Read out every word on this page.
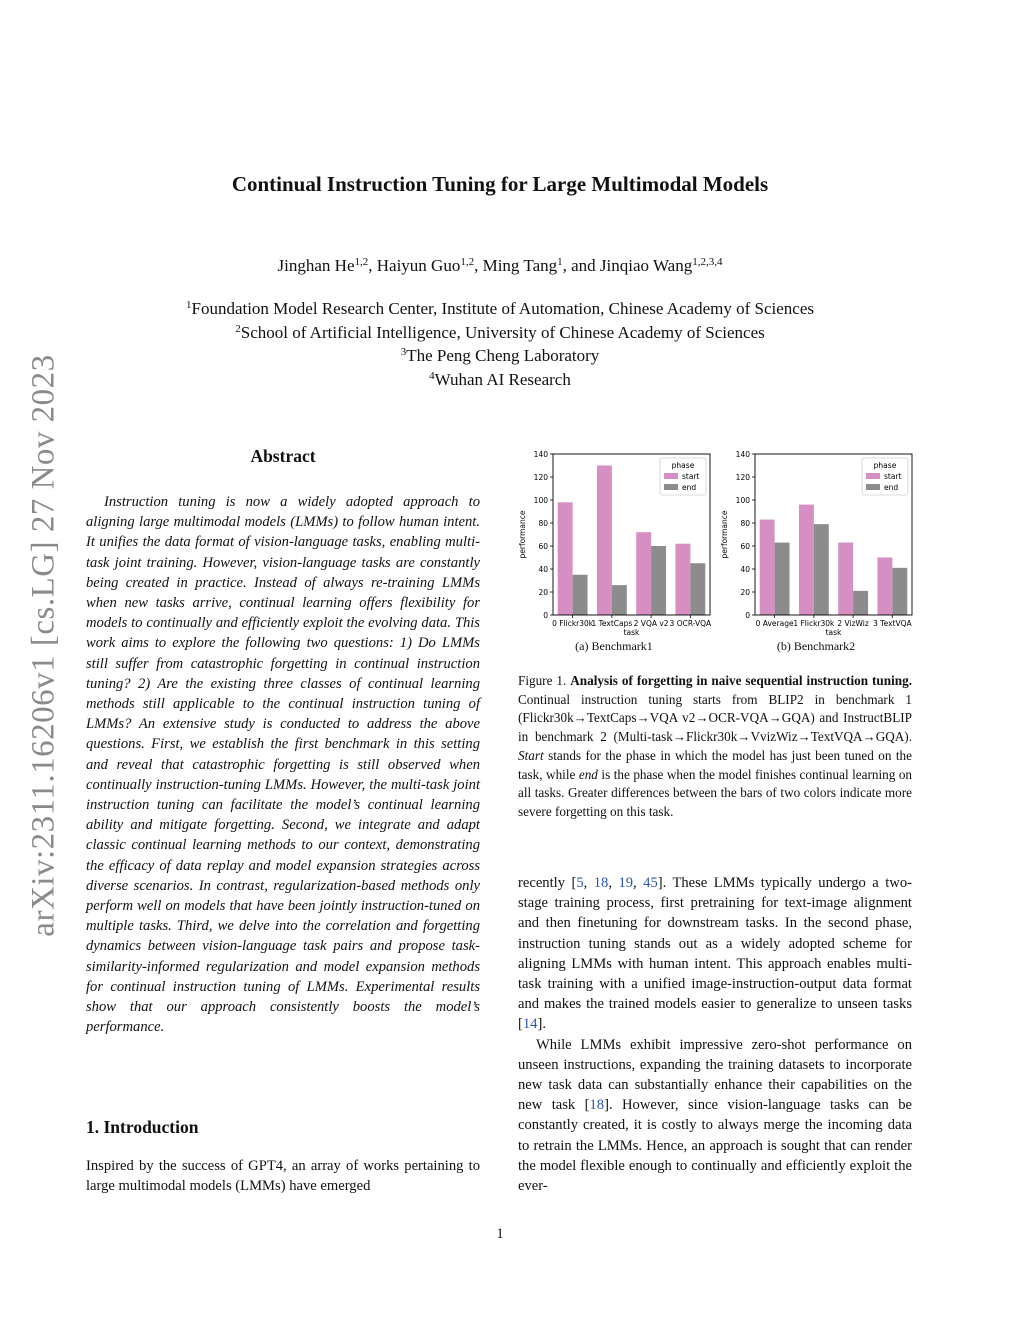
arXiv:2311.16206v1 [cs.LG] 27 Nov 2023
Continual Instruction Tuning for Large Multimodal Models
Jinghan He$^{1,2}$, Haiyun Guo$^{1,2}$, Ming Tang$^1$, and Jinqiao Wang$^{1,2,3,4}$
$^1$Foundation Model Research Center, Institute of Automation, Chinese Academy of Sciences
$^2$School of Artificial Intelligence, University of Chinese Academy of Sciences
$^3$The Peng Cheng Laboratory
$^4$Wuhan AI Research
Abstract

Instruction tuning is now a widely adopted approach to aligning large multimodal models (LMMs) to follow human intent. It unifies the data format of vision-language tasks, enabling multi-task joint training. However, vision-language tasks are constantly being created in practice. Instead of always re-training LMMs when new tasks arrive, continual learning offers flexibility for models to continually and efficiently exploit the evolving data. This work aims to explore the following two questions: 1) Do LMMs still suffer from catastrophic forgetting in continual instruction tuning? 2) Are the existing three classes of continual learning methods still applicable to the continual instruction tuning of LMMs? An extensive study is conducted to address the above questions. First, we establish the first benchmark in this setting and reveal that catastrophic forgetting is still observed when continually instruction-tuning LMMs. However, the multi-task joint instruction tuning can facilitate the model’s continual learning ability and mitigate forgetting. Second, we integrate and adapt classic continual learning methods to our context, demonstrating the efficacy of data replay and model expansion strategies across diverse scenarios. In contrast, regularization-based methods only perform well on models that have been jointly instruction-tuned on multiple tasks. Third, we delve into the correlation and forgetting dynamics between vision-language task pairs and propose task-similarity-informed regularization and model expansion methods for continual instruction tuning of LMMs. Experimental results show that our approach consistently boosts the model’s performance.

1. Introduction

Inspired by the success of GPT4, an array of works pertaining to large multimodal models (LMMs) have emerged

0
20
40
60
80
100
120
140
0 Flickr30k
1 TextCaps 2 VQA v2 3 OCR-VQA
task
performance
phase
start
end
(a) Benchmark1
0
20
40
60
80
100
120
140
0 Average 1 Flickr30k 2 VizWiz 3 TextVQA
task
performance
phase
start
end
(b) Benchmark2

Figure 1. Analysis of forgetting in naive sequential instruction tuning. Continual instruction tuning starts from BLIP2 in benchmark 1 (Flickr30k→TextCaps→VQA v2→OCR-VQA→GQA) and InstructBLIP in benchmark 2 (Multi-task→Flickr30k→VvizWiz→TextVQA→GQA). Start stands for the phase in which the model has just been tuned on the task, while end is the phase when the model finishes continual learning on all tasks. Greater differences between the bars of two colors indicate more severe forgetting on this task.

recently [5, 18, 19, 45]. These LMMs typically undergo a two-stage training process, first pretraining for text-image alignment and then finetuning for downstream tasks. In the second phase, instruction tuning stands out as a widely adopted scheme for aligning LMMs with human intent. This approach enables multi-task training with a unified image-instruction-output data format and makes the trained models easier to generalize to unseen tasks [14].

While LMMs exhibit impressive zero-shot performance on unseen instructions, expanding the training datasets to incorporate new task data can substantially enhance their capabilities on the new task [18]. However, since vision-language tasks can be constantly created, it is costly to always merge the incoming data to retrain the LMMs. Hence, an approach is sought that can render the model flexible enough to continually and efficiently exploit the ever-

1
